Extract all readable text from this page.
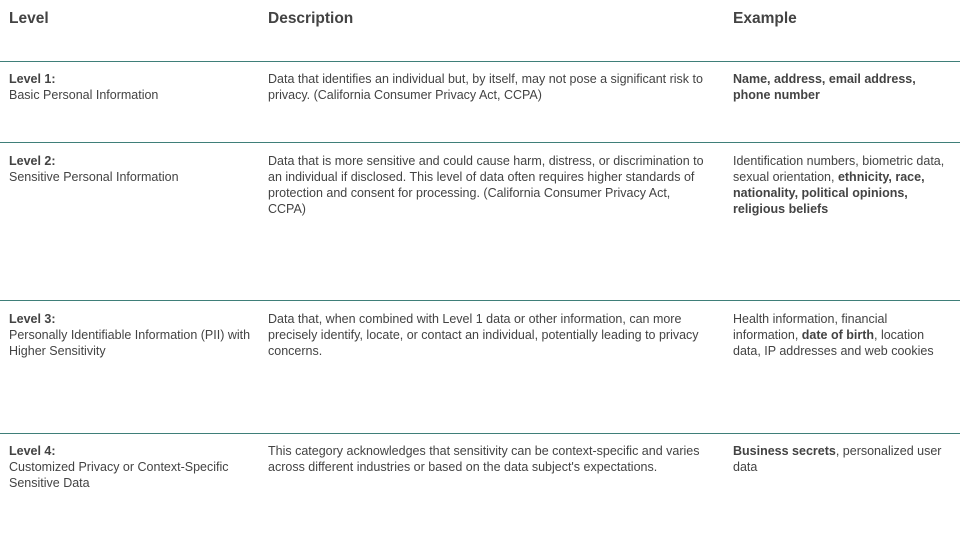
Level	Description	Example
Level 1:
Basic Personal Information
Data that identifies an individual but, by itself, may not pose a significant risk to privacy. (California Consumer Privacy Act, CCPA)
Name, address, email address, phone number
Level 2:
Sensitive Personal Information
Data that is more sensitive and could cause harm, distress, or discrimination to an individual if disclosed. This level of data often requires higher standards of protection and consent for processing. (California Consumer Privacy Act, CCPA)
Identification numbers, biometric data, sexual orientation, ethnicity, race, nationality, political opinions, religious beliefs
Level 3:
Personally Identifiable Information (PII) with Higher Sensitivity
Data that, when combined with Level 1 data or other information, can more precisely identify, locate, or contact an individual, potentially leading to privacy concerns.
Health information, financial information, date of birth, location data, IP addresses and web cookies
Level 4:
Customized Privacy or Context-Specific Sensitive Data
This category acknowledges that sensitivity can be context-specific and varies across different industries or based on the data subject's expectations.
Business secrets, personalized user data
